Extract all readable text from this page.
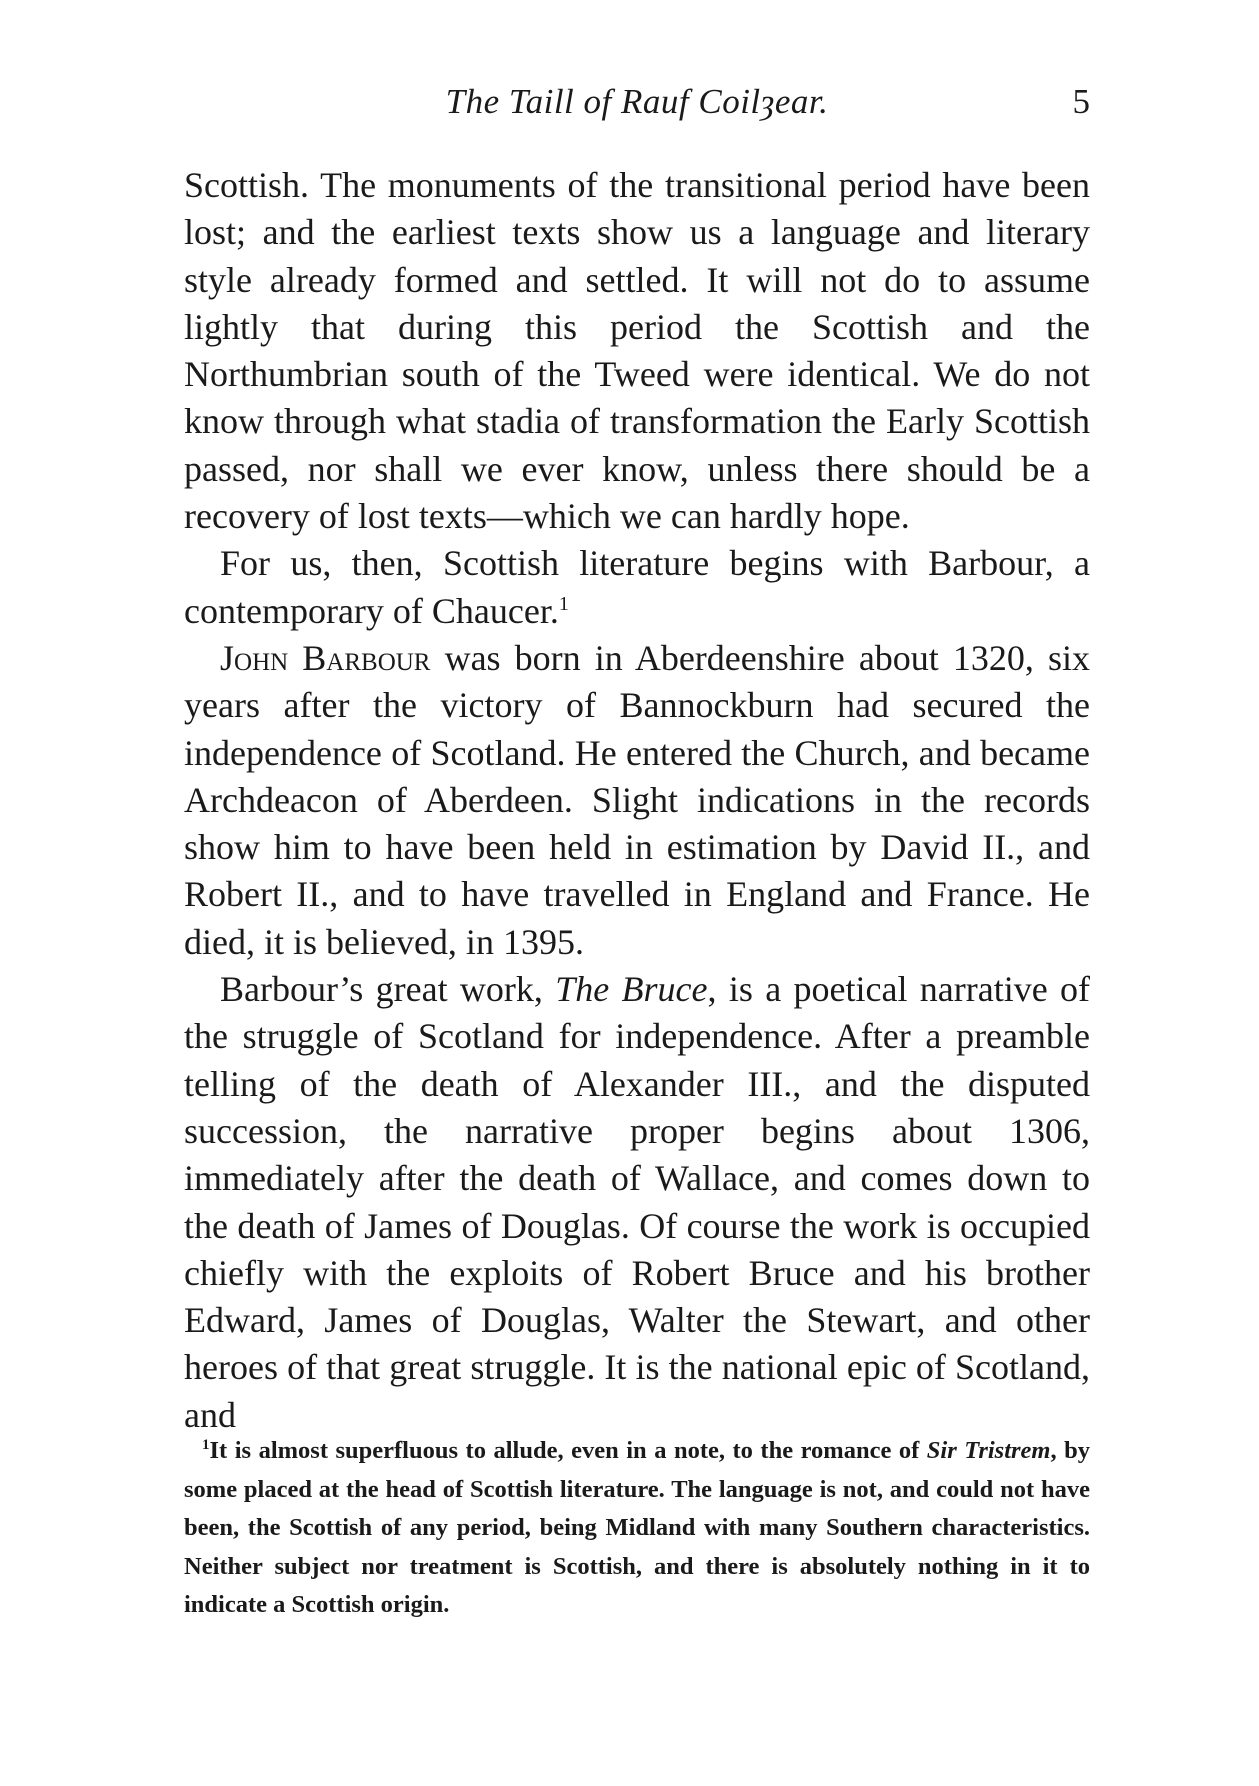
The Taill of Rauf Coilȝear.	5

Scottish. The monuments of the transitional period have been lost; and the earliest texts show us a language and literary style already formed and settled. It will not do to assume lightly that during this period the Scottish and the Northumbrian south of the Tweed were identical. We do not know through what stadia of transformation the Early Scottish passed, nor shall we ever know, unless there should be a recovery of lost texts—which we can hardly hope.

For us, then, Scottish literature begins with Barbour, a contemporary of Chaucer.$^1$

John Barbour was born in Aberdeenshire about 1320, six years after the victory of Bannockburn had secured the independence of Scotland. He entered the Church, and became Archdeacon of Aberdeen. Slight indications in the records show him to have been held in estimation by David II., and Robert II., and to have travelled in England and France. He died, it is believed, in 1395.

Barbour’s great work, The Bruce, is a poetical narrative of the struggle of Scotland for independence. After a preamble telling of the death of Alexander III., and the disputed succession, the narrative proper begins about 1306, immediately after the death of Wallace, and comes down to the death of James of Douglas. Of course the work is occupied chiefly with the exploits of Robert Bruce and his brother Edward, James of Douglas, Walter the Stewart, and other heroes of that great struggle. It is the national epic of Scotland, and

$^1$It is almost superfluous to allude, even in a note, to the romance of Sir Tristrem, by some placed at the head of Scottish literature. The language is not, and could not have been, the Scottish of any period, being Midland with many Southern characteristics. Neither subject nor treatment is Scottish, and there is absolutely nothing in it to indicate a Scottish origin.
